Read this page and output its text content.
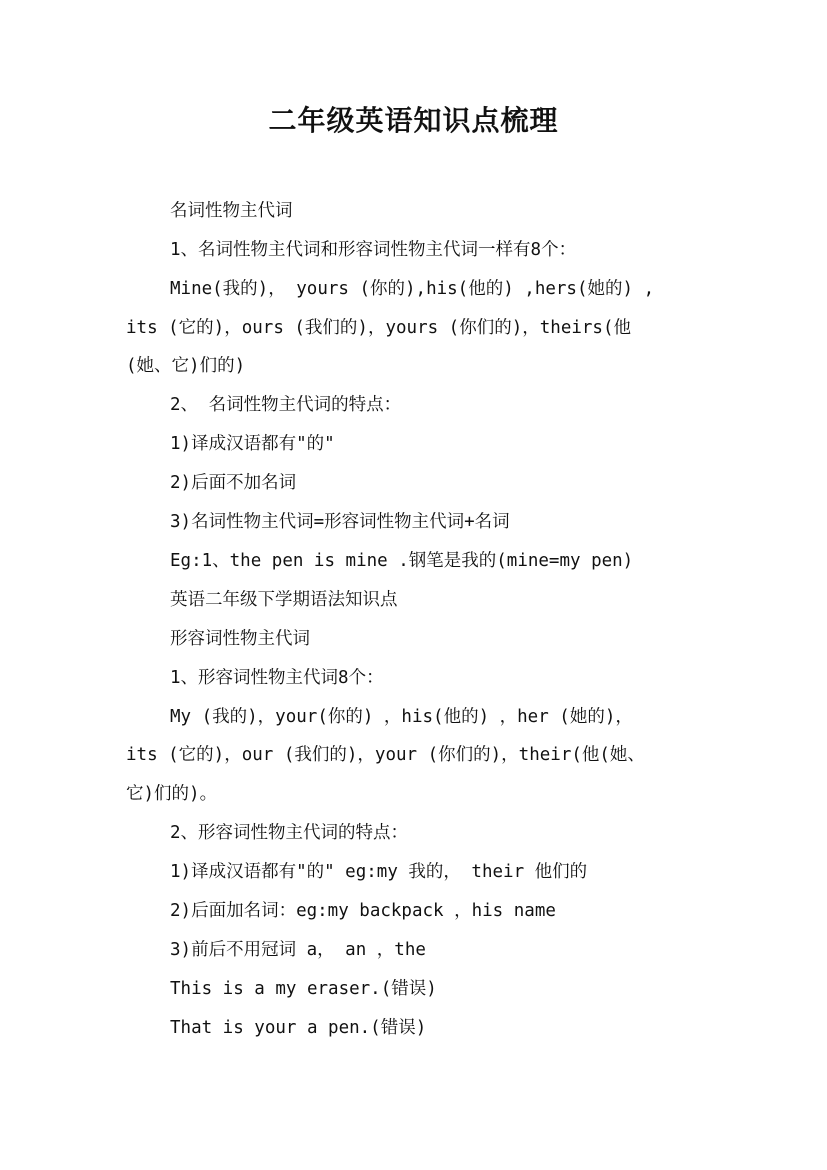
二年级英语知识点梳理
名词性物主代词
1、名词性物主代词和形容词性物主代词一样有8个：
Mine(我的)， yours (你的),his(他的) ,hers(她的) ,
its (它的)，ours (我们的)，yours (你们的)，theirs(他
(她、它)们的)
2、 名词性物主代词的特点：
1)译成汉语都有"的"
2)后面不加名词
3)名词性物主代词=形容词性物主代词+名词
Eg:1、the pen is mine .钢笔是我的(mine=my pen)
英语二年级下学期语法知识点
形容词性物主代词
1、形容词性物主代词8个：
My (我的)，your(你的) ，his(他的) ，her (她的)，
its (它的)，our (我们的)，your (你们的)，their(他(她、
它)们的)。
2、形容词性物主代词的特点：
1)译成汉语都有"的" eg:my 我的， their 他们的
2)后面加名词：eg:my backpack ，his name
3)前后不用冠词 a， an ，the
This is a my eraser.(错误)
That is your a pen.(错误)
